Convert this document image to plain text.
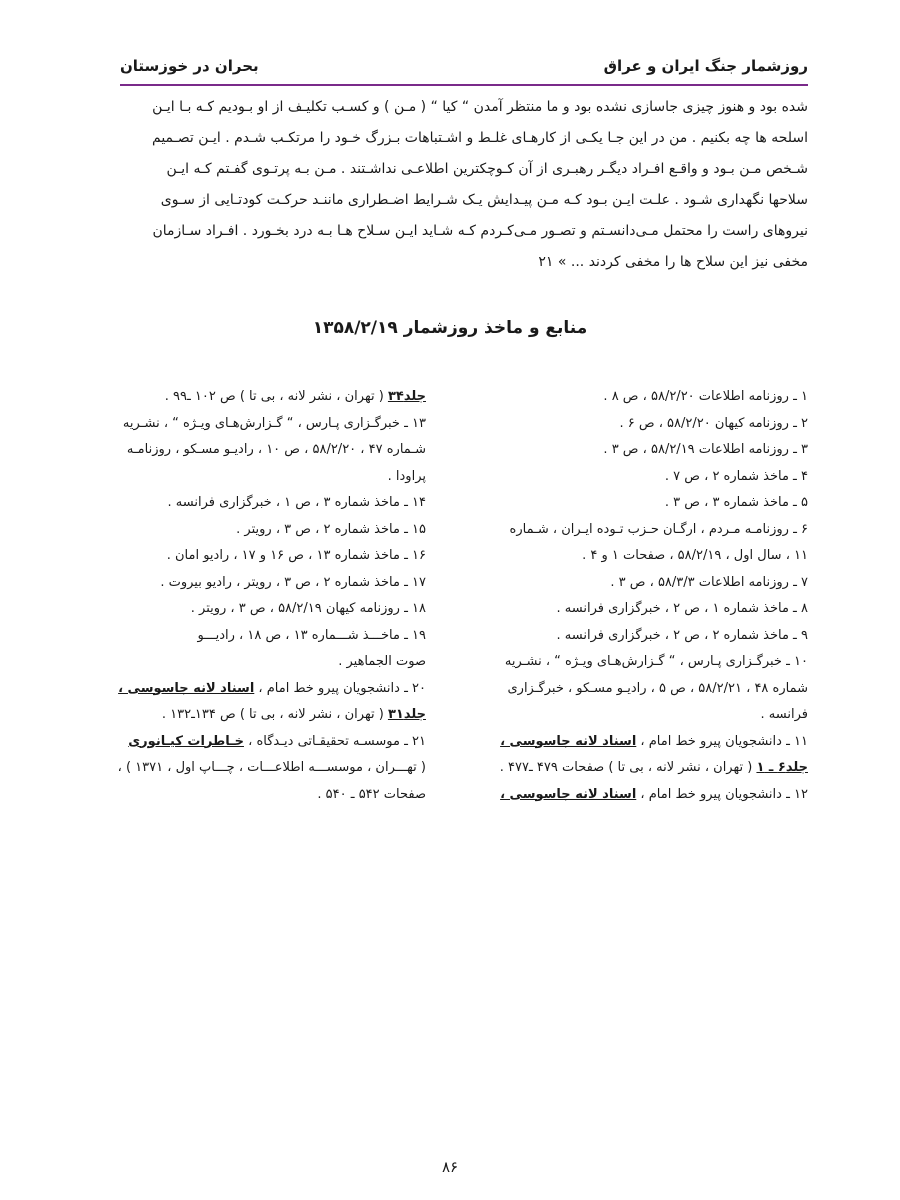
روزشمار جنگ ایران و عراق
بحران در خوزستان
شده بود و هنوز چیزی جاسازی نشده بود و ما منتظر آمدن “ کیا “ ( مـن ) و کسـب تکلیـف از او بـودیم کـه بـا ایـن
اسلحه ها چه بکنیم . من در این جـا یکـی از کارهـای غلـط و اشـتباهات بـزرگ خـود را مرتکـب شـدم . ایـن تصـمیم
شـخص مـن بـود و واقـع افـراد دیگـر رهبـری از آن کـوچکترین اطلاعـی نداشـتند . مـن بـه پرتـوی گفـتم کـه ایـن
سلاحها نگهداری شـود . علـت ایـن بـود کـه مـن پیـدایش یـک شـرایط اضـطراری ماننـد حرکـت کودتـایی از سـوی
نیروهای راست را محتمل مـی‌دانسـتم و تصـور مـی‌کـردم کـه شـاید ایـن سـلاح هـا بـه درد بخـورد . افـراد سـازمان
مخفی نیز این سلاح ها را مخفی کردند ... » ۲۱
منابع و ماخذ روزشمار ۱۳۵۸/۲/۱۹
۱ ـ روزنامه اطلاعات ۵۸/۲/۲۰ ، ص ۸ .
۲ ـ روزنامه کیهان ۵۸/۲/۲۰ ، ص ۶ .
۳ ـ روزنامه اطلاعات ۵۸/۲/۱۹ ، ص ۳ .
۴ ـ ماخذ شماره ۲ ، ص ۷ .
۵ ـ ماخذ شماره ۳ ، ص ۳ .
۶ ـ روزنامـه مـردم ، ارگـان حـزب تـوده ایـران ، شـماره
۱۱ ، سال اول ، ۵۸/۲/۱۹ ، صفحات ۱ و ۴ .
۷ ـ روزنامه اطلاعات ۵۸/۳/۳ ، ص ۳ .
۸ ـ ماخذ شماره ۱ ، ص ۲ ، خبرگزاری فرانسه .
۹ ـ ماخذ شماره ۲ ، ص ۲ ، خبرگزاری فرانسه .
۱۰ ـ خبرگـزاری پـارس ، “ گـزارش‌هـای ویـژه “ ، نشـریه
شماره ۴۸ ، ۵۸/۲/۲۱ ، ص ۵ ، رادیـو مسـکو ، خبرگـزاری
فرانسه .
۱۱ ـ دانشجویان پیرو خط امام ، اسناد لانه جاسوسی ،
جلد۶ ـ ۱ ( تهران ، نشر لانه ، بی تا ) صفحات ۴۷۹ ـ۴۷۷ .
۱۲ ـ دانشجویان پیرو خط امام ، اسناد لانه جاسوسی ،
جلد۳۴ ( تهران ، نشر لانه ، بی تا ) ص ۱۰۲ ـ۹۹ .
۱۳ ـ خبرگـزاری پـارس ، “ گـزارش‌هـای ویـژه “ ، نشـریه
شـماره ۴۷ ، ۵۸/۲/۲۰ ، ص ۱۰ ، رادیـو مسـکو ، روزنامـه
پراودا .
۱۴ ـ ماخذ شماره ۳ ، ص ۱ ، خبرگزاری فرانسه .
۱۵ ـ ماخذ شماره ۲ ، ص ۳ ، رویتر .
۱۶ ـ ماخذ شماره ۱۳ ، ص ۱۶ و ۱۷ ، رادیو امان .
۱۷ ـ ماخذ شماره ۲ ، ص ۳ ، رویتر ، رادیو بیروت .
۱۸ ـ روزنامه کیهان ۵۸/۲/۱۹ ، ص ۳ ، رویتر .
۱۹ ـ ماخـــذ شـــماره ۱۳ ، ص ۱۸ ، رادیـــو
صوت الجماهیر .
۲۰ ـ دانشجویان پیرو خط امام ، اسناد لانه جاسوسی ،
جلد۳۱ ( تهران ، نشر لانه ، بی تا ) ص ۱۳۴ـ۱۳۲ .
۲۱ ـ موسسـه تحقیقـاتی دیـدگاه ، خـاطرات کیـانوری
( تهـــران ، موسســـه اطلاعـــات ، چـــاپ اول ، ۱۳۷۱ ) ،
صفحات ۵۴۲ ـ ۵۴۰ .
۸۶
